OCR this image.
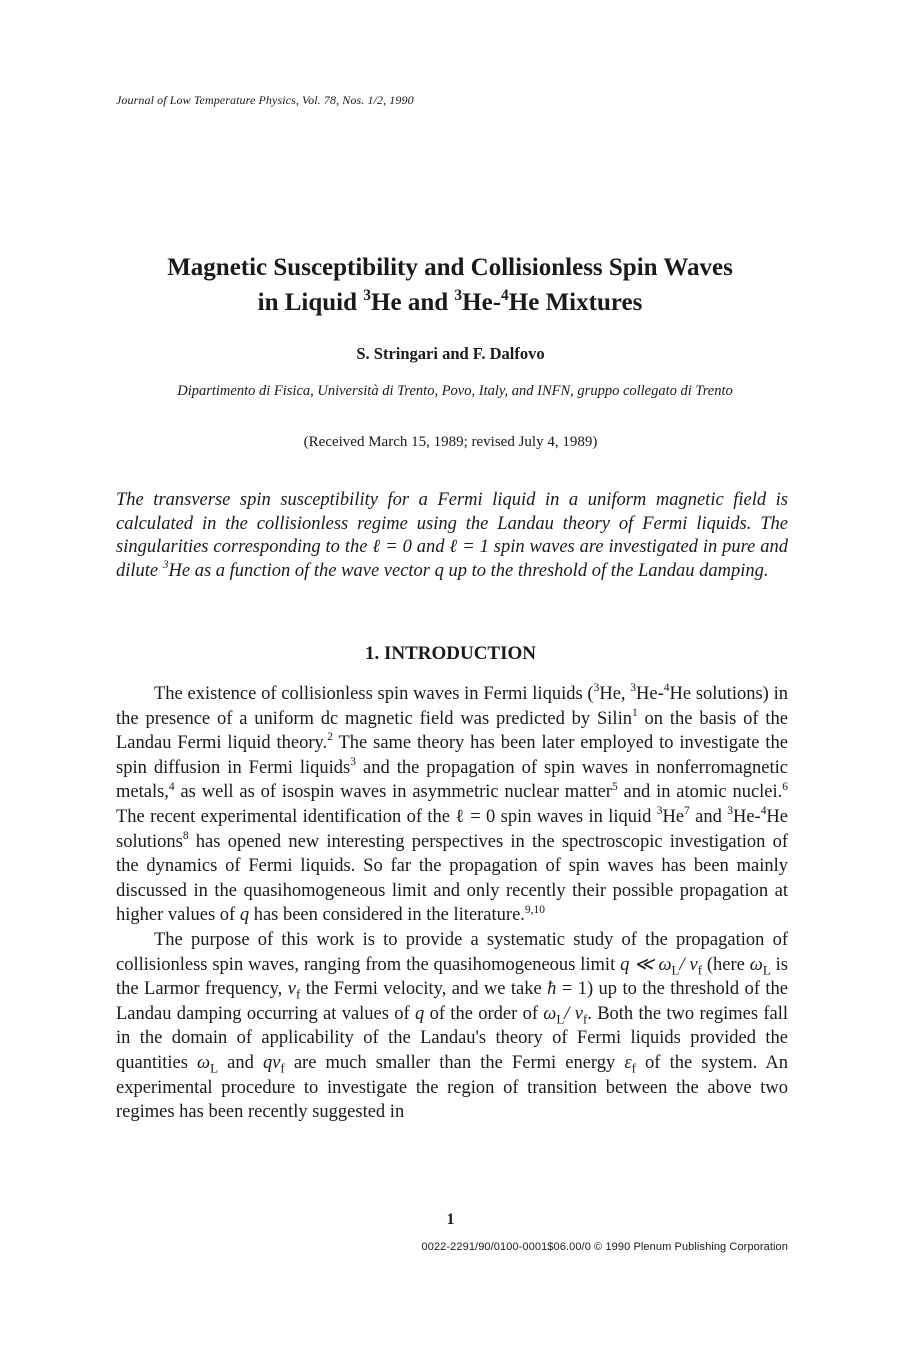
Journal of Low Temperature Physics, Vol. 78, Nos. 1/2, 1990
Magnetic Susceptibility and Collisionless Spin Waves
in Liquid $^3$He and $^3$He-$^4$He Mixtures
S. Stringari and F. Dalfovo
Dipartimento di Fisica, Università di Trento, Povo, Italy, and INFN, gruppo collegato di Trento
(Received March 15, 1989; revised July 4, 1989)
The transverse spin susceptibility for a Fermi liquid in a uniform magnetic field is calculated in the collisionless regime using the Landau theory of Fermi liquids. The singularities corresponding to the ℓ = 0 and ℓ = 1 spin waves are investigated in pure and dilute $^3$He as a function of the wave vector q up to the threshold of the Landau damping.
1. INTRODUCTION

The existence of collisionless spin waves in Fermi liquids ($^3$He, $^3$He-$^4$He solutions) in the presence of a uniform dc magnetic field was predicted by Silin$^1$ on the basis of the Landau Fermi liquid theory.$^2$ The same theory has been later employed to investigate the spin diffusion in Fermi liquids$^3$ and the propagation of spin waves in nonferromagnetic metals,$^4$ as well as of isospin waves in asymmetric nuclear matter$^5$ and in atomic nuclei.$^6$ The recent experimental identification of the ℓ = 0 spin waves in liquid $^3$He$^7$ and $^3$He-$^4$He solutions$^8$ has opened new interesting perspectives in the spectroscopic investigation of the dynamics of Fermi liquids. So far the propagation of spin waves has been mainly discussed in the quasihomogeneous limit and only recently their possible propagation at higher values of q has been considered in the literature.$^{9,10}$

The purpose of this work is to provide a systematic study of the propagation of collisionless spin waves, ranging from the quasihomogeneous limit q ≪ $\omega_L/$ $v_f$ (here $\omega_L$ is the Larmor frequency, $v_f$ the Fermi velocity, and we take ħ = 1) up to the threshold of the Landau damping occurring at values of q of the order of $\omega_L/$ $v_f$. Both the two regimes fall in the domain of applicability of the Landau's theory of Fermi liquids provided the quantities $\omega_L$ and $qv_f$ are much smaller than the Fermi energy $\varepsilon_f$ of the system. An experimental procedure to investigate the region of transition between the above two regimes has been recently suggested in

1
0022-2291/90/0100-0001$06.00/0 © 1990 Plenum Publishing Corporation
